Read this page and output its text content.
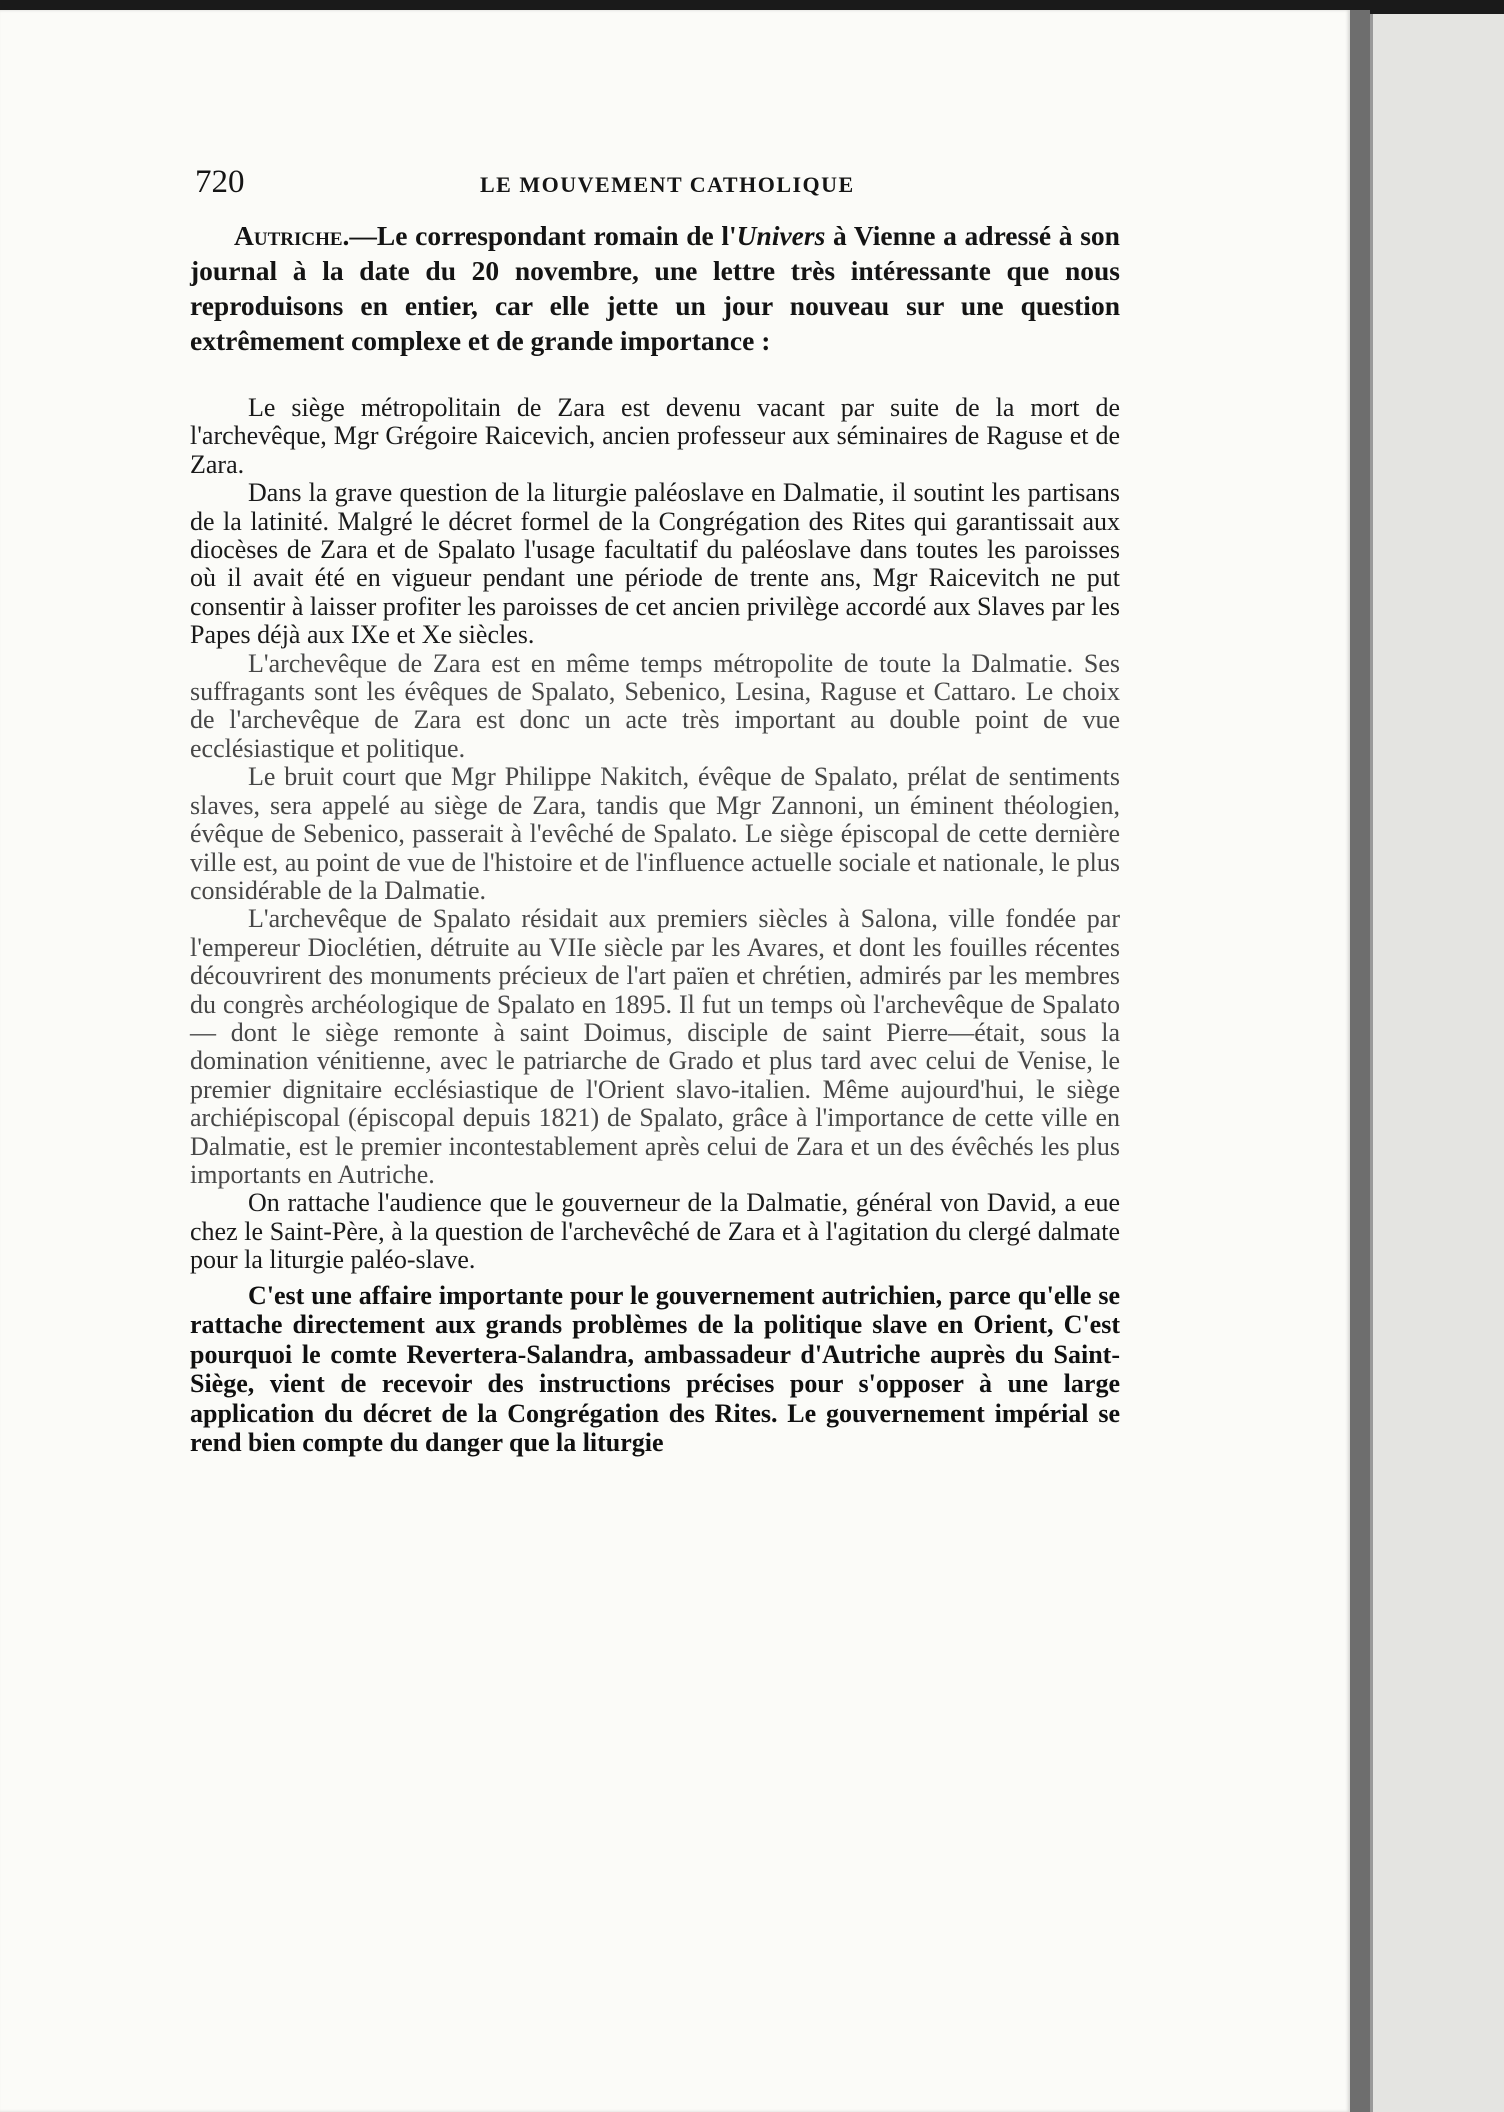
720	LE MOUVEMENT CATHOLIQUE

Autriche.—Le correspondant romain de l'Univers à Vienne a adressé à son journal à la date du 20 novembre, une lettre très intéressante que nous reproduisons en entier, car elle jette un jour nouveau sur une question extrêmement complexe et de grande importance :

Le siège métropolitain de Zara est devenu vacant par suite de la mort de l'archevêque, Mgr Grégoire Raicevich, ancien professeur aux séminaires de Raguse et de Zara.

Dans la grave question de la liturgie paléoslave en Dalmatie, il soutint les partisans de la latinité. Malgré le décret formel de la Congrégation des Rites qui garantissait aux diocèses de Zara et de Spalato l'usage facultatif du paléoslave dans toutes les paroisses où il avait été en vigueur pendant une période de trente ans, Mgr Raicevitch ne put consentir à laisser profiter les paroisses de cet ancien privilège accordé aux Slaves par les Papes déjà aux IXe et Xe siècles.

L'archevêque de Zara est en même temps métropolite de toute la Dalmatie. Ses suffragants sont les évêques de Spalato, Sebenico, Lesina, Raguse et Cattaro. Le choix de l'archevêque de Zara est donc un acte très important au double point de vue ecclésiastique et politique.

Le bruit court que Mgr Philippe Nakitch, évêque de Spalato, prélat de sentiments slaves, sera appelé au siège de Zara, tandis que Mgr Zannoni, un éminent théologien, évêque de Sebenico, passerait à l'evêché de Spalato. Le siège épiscopal de cette dernière ville est, au point de vue de l'histoire et de l'influence actuelle sociale et nationale, le plus considérable de la Dalmatie.

L'archevêque de Spalato résidait aux premiers siècles à Salona, ville fondée par l'empereur Dioclétien, détruite au VIIe siècle par les Avares, et dont les fouilles récentes découvrirent des monuments précieux de l'art païen et chrétien, admirés par les membres du congrès archéologique de Spalato en 1895. Il fut un temps où l'archevêque de Spalato — dont le siège remonte à saint Doimus, disciple de saint Pierre—était, sous la domination vénitienne, avec le patriarche de Grado et plus tard avec celui de Venise, le premier dignitaire ecclésiastique de l'Orient slavo-italien. Même aujourd'hui, le siège archiépiscopal (épiscopal depuis 1821) de Spalato, grâce à l'importance de cette ville en Dalmatie, est le premier incontestablement après celui de Zara et un des évêchés les plus importants en Autriche.

On rattache l'audience que le gouverneur de la Dalmatie, général von David, a eue chez le Saint-Père, à la question de l'archevêché de Zara et à l'agitation du clergé dalmate pour la liturgie paléo-slave.

C'est une affaire importante pour le gouvernement autrichien, parce qu'elle se rattache directement aux grands problèmes de la politique slave en Orient, C'est pourquoi le comte Revertera-Salandra, ambassadeur d'Autriche auprès du Saint-Siège, vient de recevoir des instructions précises pour s'opposer à une large application du décret de la Congrégation des Rites. Le gouvernement impérial se rend bien compte du danger que la liturgie
